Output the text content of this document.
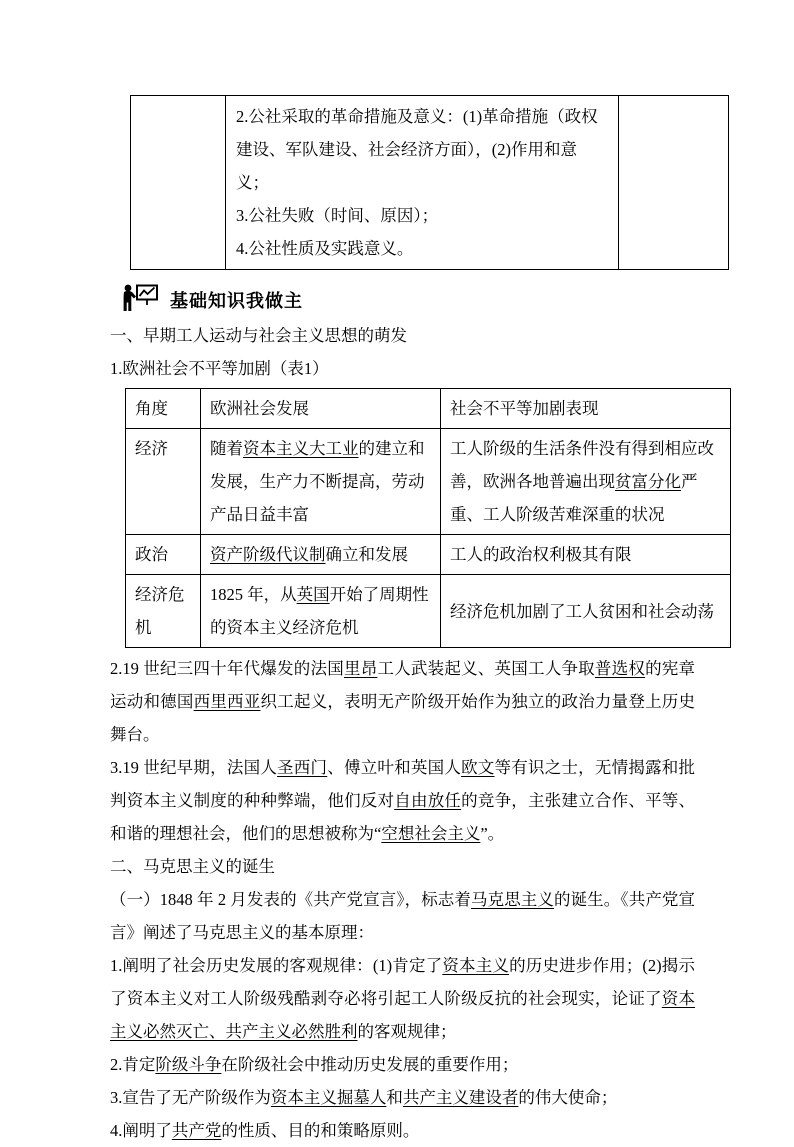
2.公社采取的革命措施及意义：(1)革命措施（政权建设、军队建设、社会经济方面），(2)作用和意义；
3.公社失败（时间、原因）；
4.公社性质及实践意义。

基础知识我做主

一、早期工人运动与社会主义思想的萌发

1.欧洲社会不平等加剧（表1）

角度	欧洲社会发展	社会不平等加剧表现
经济	随着资本主义大工业的建立和发展，生产力不断提高，劳动产品日益丰富	工人阶级的生活条件没有得到相应改善，欧洲各地普遍出现贫富分化严重、工人阶级苦难深重的状况
政治	资产阶级代议制确立和发展	工人的政治权利极其有限
经济危机	1825 年，从英国开始了周期性的资本主义经济危机	经济危机加剧了工人贫困和社会动荡

2.19 世纪三四十年代爆发的法国里昂工人武装起义、英国工人争取普选权的宪章运动和德国西里西亚织工起义，表明无产阶级开始作为独立的政治力量登上历史舞台。

3.19 世纪早期，法国人圣西门、傅立叶和英国人欧文等有识之士，无情揭露和批判资本主义制度的种种弊端，他们反对自由放任的竞争，主张建立合作、平等、和谐的理想社会，他们的思想被称为“空想社会主义”。

二、马克思主义的诞生

（一）1848 年 2 月发表的《共产党宣言》，标志着马克思主义的诞生。《共产党宣言》阐述了马克思主义的基本原理：

1.阐明了社会历史发展的客观规律：(1)肯定了资本主义的历史进步作用；(2)揭示了资本主义对工人阶级残酷剥夺必将引起工人阶级反抗的社会现实，论证了资本主义必然灭亡、共产主义必然胜利的客观规律；

2.肯定阶级斗争在阶级社会中推动历史发展的重要作用；

3.宣告了无产阶级作为资本主义掘墓人和共产主义建设者的伟大使命；

4.阐明了共产党的性质、目的和策略原则。
